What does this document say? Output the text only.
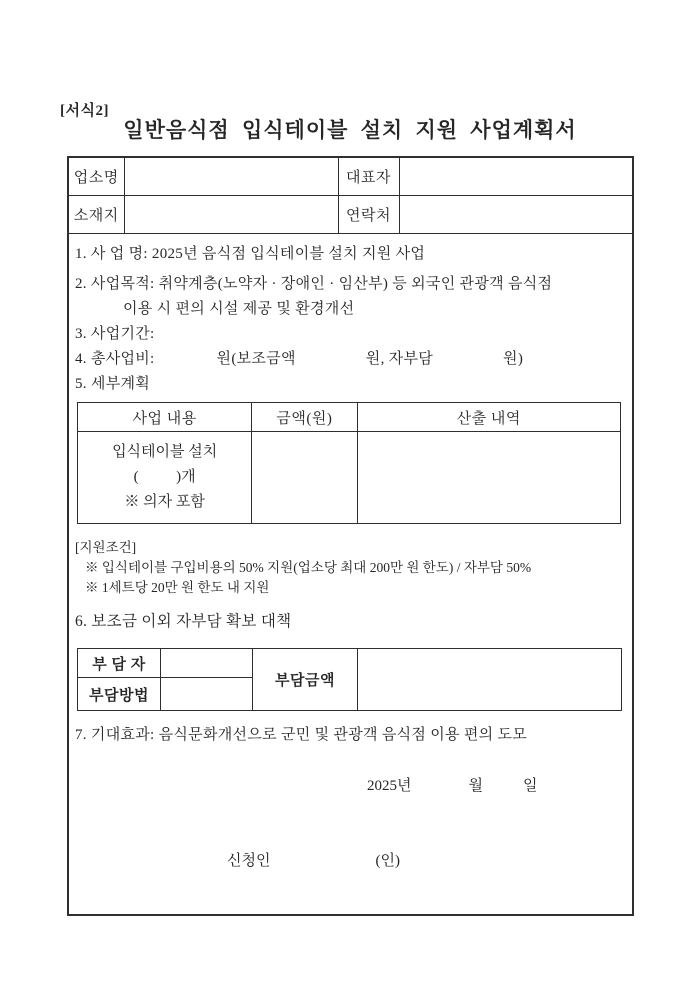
[서식2]
일반음식점 입식테이블 설치 지원 사업계획서
업소명		대표자	
소재지		연락처	

1. 사 업 명: 2025년 음식점 입식테이블 설치 지원 사업
2. 사업목적: 취약계층(노약자 · 장애인 · 임산부) 등 외국인 관광객 음식점
이용 시 편의 시설 제공 및 환경개선
3. 사업기간:
4. 총사업비:	원(보조금액	원, 자부담	원)
5. 세부계획
사업 내용	금액(원)	산출 내역

입식테이블 설치
(          )개
※ 의자 포함

[지원조건]
※ 입식테이블 구입비용의 50% 지원(업소당 최대 200만 원 한도) / 자부담 50%
※ 1세트당 20만 원 한도 내 지원
6. 보조금 이외 자부담 확보 대책
부 담 자		부담금액	
부담방법	
7. 기대효과: 음식문화개선으로 군민 및 관광객 음식점 이용 편의 도모
2025년	월	일
신청인	(인)
